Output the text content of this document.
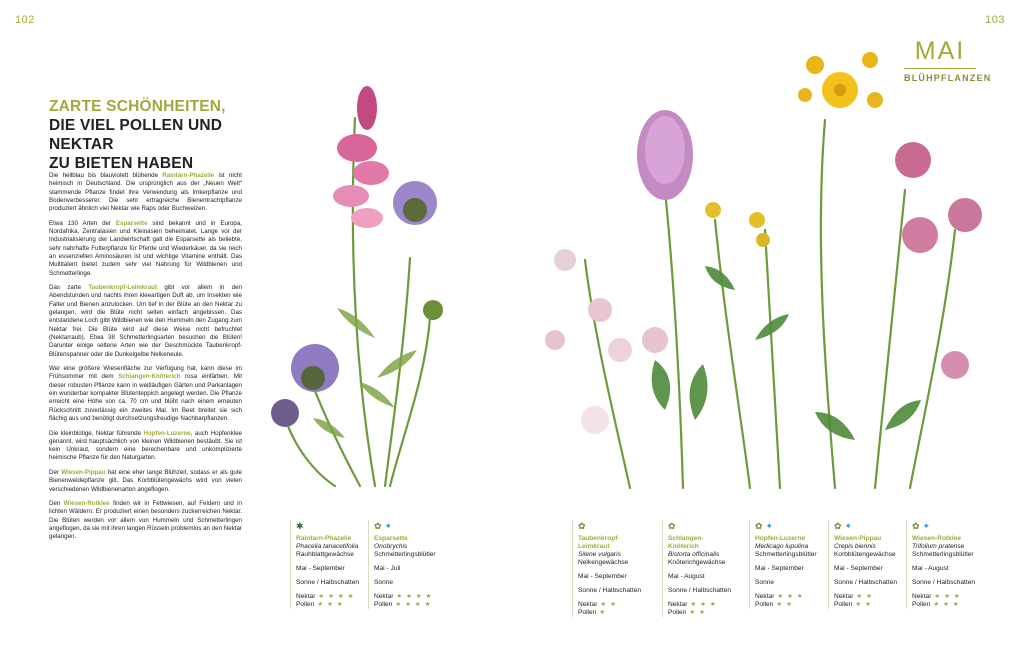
102	103
MAI
BLÜHPFLANZEN
ZARTE SCHÖNHEITEN,
DIE VIEL POLLEN UND NEKTAR
ZU BIETEN HABEN

Die hellblau bis blauviolett blühende Rainfarn-Phazelie ist nicht heimisch in Deutschland. Die ursprünglich aus der „Neuen Welt“ stammende Pflanze findet ihre Verwendung als Imkerpflanze und Bodenverbesserer. Die sehr ertragreiche Bienentrachtpflanze produziert ähnlich viel Nektar wie Raps oder Buchweizen.

Etwa 130 Arten der Esparsette sind bekannt und in Europa, Nordafrika, Zentralasien und Kleinasien beheimatet. Lange vor der Industrialisierung der Landwirtschaft galt die Esparsette als beliebte, sehr nahrhafte Futterpflanze für Pferde und Wiederkäuer, da sie reich an essenziellen Aminosäuren ist und wichtige Vitamine enthält. Das Multitalent bietet zudem sehr viel Nahrung für Wildbienen und Schmetterlinge.

Das zarte Taubenkropf-Leimkraut gibt vor allem in den Abendstunden und nachts ihren kleeartigen Duft ab, um Insekten wie Falter und Bienen anzulocken. Um tief in der Blüte an den Nektar zu gelangen, wird die Blüte nicht selten einfach angebissen. Das entstandene Loch gibt Wildbienen wie den Hummeln den Zugang zum Nektar frei. Die Blüte wird auf diese Weise nicht befruchtet (Nektarraub). Etwa 38 Schmetterlingsarten besuchen die Blüten! Darunter einige seltene Arten wie der Geschmückte Taubenkropf-Blütenspanner oder die Dunkelgelbe Nelkeneule.

Wer eine größere Wiesenfläche zur Verfügung hat, kann diese im Frühsommer mit dem Schlangen-Knöterich rosa einfärben. Mit dieser robusten Pflanze kann in weitläufigen Gärten und Parkanlagen ein wunderbar kompakter Blütenteppich angelegt werden. Die Pflanze erreicht eine Höhe von ca. 70 cm und blüht nach einem erneuten Rückschnitt zuverlässig ein zweites Mal. Im Beet breitet sie sich flächig aus und benötigt durchsetzungsfreudige Nachbarpflanzen.

Die kleinblütige, Nektar führende Hopfen-Luzerne, auch Hopfenklee genannt, wird hauptsächlich von kleinen Wildbienen bestäubt. Sie ist kein Unkraut, sondern eine berechenbare und unkomplizierte heimische Pflanze für den Naturgarten.

Der Wiesen-Pippau hat eine eher lange Blühzeit, sodass er als gute Bienenweidepflanze gilt. Das Korbblütengewächs wird von vielen verschiedenen Wildbienenarten angeflogen.

Den Wiesen-Rotklee finden wir in Fettwiesen, auf Feldern und in lichten Wäldern. Er produziert einen besonders zuckerreichen Nektar. Die Blüten werden vor allem von Hummeln und Schmetterlingen angeflogen, da sie mit ihren langen Rüsseln problemlos an den Nektar gelangen.

✱
Rainfarn-Phazelie
Phacelia tanacetifolia
Rauhblattgewächse
Mai - September
Sonne / Halbschatten
Nektar ★ ★ ★ ★
Pollen ★ ★ ★
✿ ✦
Esparsette
Onobrychis
Schmetterlingsblütler
Mai - Juli
Sonne
Nektar ★ ★ ★ ★
Pollen ★ ★ ★ ★
✿
Taubenkropf-Leimkraut
Silene vulgaris
Nelkengewächse
Mai - September
Sonne / Halbschatten
Nektar ★ ★
Pollen ★
✿
Schlangen-Knöterich
Bistorta officinalis
Knöterichgewächse
Mai - August
Sonne / Halbschatten
Nektar ★ ★ ★
Pollen ★ ★
✿ ✦
Hopfen-Luzerne
Medicago lupulina
Schmetterlingsblütler
Mai - September
Sonne
Nektar ★ ★ ★
Pollen ★ ★
✿ ✦
Wiesen-Pippau
Crepis biennis
Korbblütengewächse
Mai - September
Sonne / Halbschatten
Nektar ★ ★
Pollen ★ ★
✿ ✦
Wiesen-Rotklee
Trifolium pratense
Schmetterlingsblütler
Mai - August
Sonne / Halbschatten
Nektar ★ ★ ★
Pollen ★ ★ ★
